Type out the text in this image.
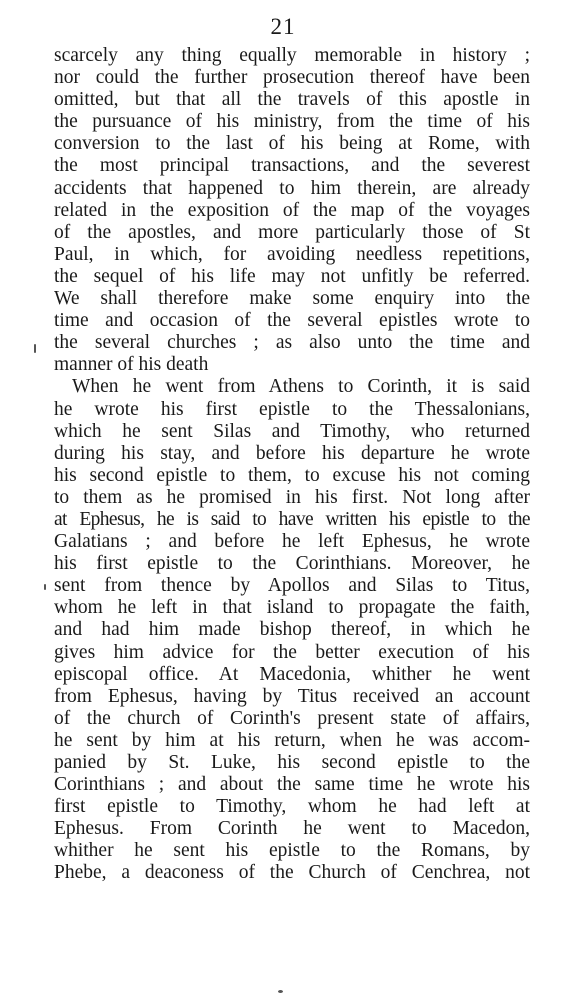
21
scarcely any thing equally memorable in history ;
nor could the further prosecution thereof have been
omitted, but that all the travels of this apostle in
the pursuance of his ministry, from the time of his
conversion to the last of his being at Rome, with
the most principal transactions, and the severest
accidents that happened to him therein, are already
related in the exposition of the map of the voyages
of the apostles, and more particularly those of St
Paul, in which, for avoiding needless repetitions,
the sequel of his life may not unfitly be referred.
We shall therefore make some enquiry into the
time and occasion of the several epistles wrote to
the several churches ; as also unto the time and
manner of his death
When he went from Athens to Corinth, it is said
he wrote his first epistle to the Thessalonians,
which he sent Silas and Timothy, who returned
during his stay, and before his departure he wrote
his second epistle to them, to excuse his not coming
to them as he promised in his first. Not long after
at Ephesus, he is said to have written his epistle to the
Galatians ; and before he left Ephesus, he wrote
his first epistle to the Corinthians. Moreover, he
sent from thence by Apollos and Silas to Titus,
whom he left in that island to propagate the faith,
and had him made bishop thereof, in which he
gives him advice for the better execution of his
episcopal office. At Macedonia, whither he went
from Ephesus, having by Titus received an account
of the church of Corinth's present state of affairs,
he sent by him at his return, when he was accom-
panied by St. Luke, his second epistle to the
Corinthians ; and about the same time he wrote his
first epistle to Timothy, whom he had left at
Ephesus. From Corinth he went to Macedon,
whither he sent his epistle to the Romans, by
Phebe, a deaconess of the Church of Cenchrea, not
